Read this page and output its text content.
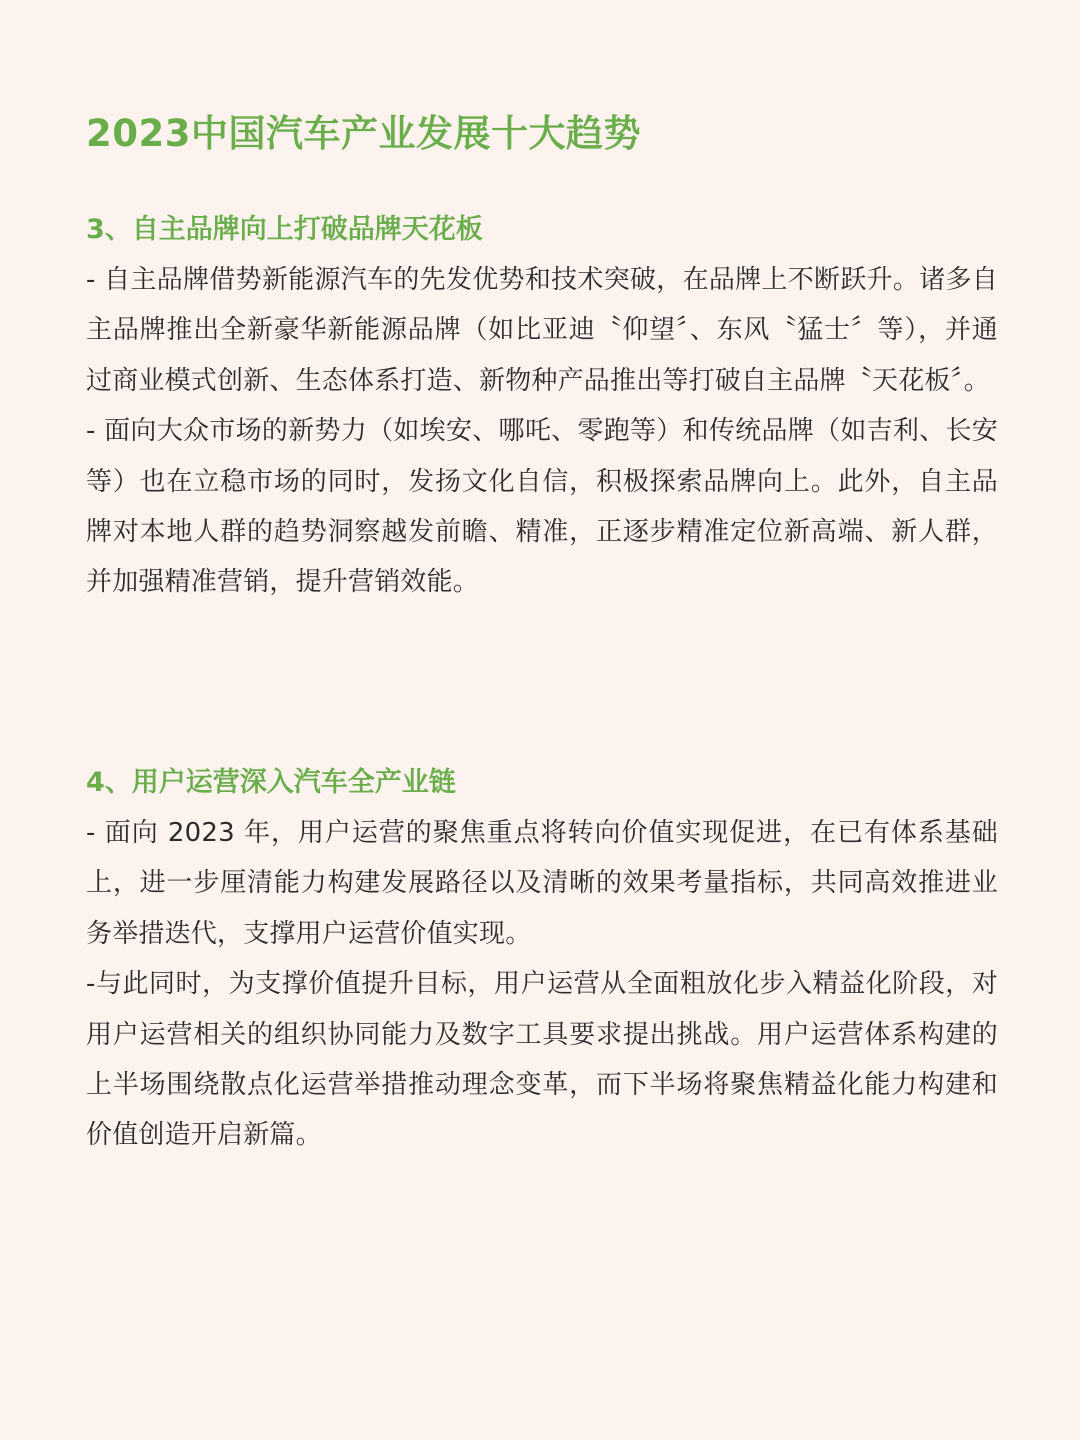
2023中国汽车产业发展十大趋势
3、自主品牌向上打破品牌天花板

- 自主品牌借势新能源汽车的先发优势和技术突破，在品牌上不断跃升。诸多自主品牌推出全新豪华新能源品牌（如比亚迪〝仰望〞、东风〝猛士〞等），并通过商业模式创新、生态体系打造、新物种产品推出等打破自主品牌〝天花板〞。

- 面向大众市场的新势力（如埃安、哪吒、零跑等）和传统品牌（如吉利、长安等）也在立稳市场的同时，发扬文化自信，积极探索品牌向上。此外，自主品牌对本地人群的趋势洞察越发前瞻、精准，正逐步精准定位新高端、新人群，并加强精准营销，提升营销效能。

4、用户运营深入汽车全产业链

- 面向 2023 年，用户运营的聚焦重点将转向价值实现促进，在已有体系基础上，进一步厘清能力构建发展路径以及清晰的效果考量指标，共同高效推进业务举措迭代，支撑用户运营价值实现。

-与此同时，为支撑价值提升目标，用户运营从全面粗放化步入精益化阶段，对用户运营相关的组织协同能力及数字工具要求提出挑战。用户运营体系构建的上半场围绕散点化运营举措推动理念变革，而下半场将聚焦精益化能力构建和价值创造开启新篇。
